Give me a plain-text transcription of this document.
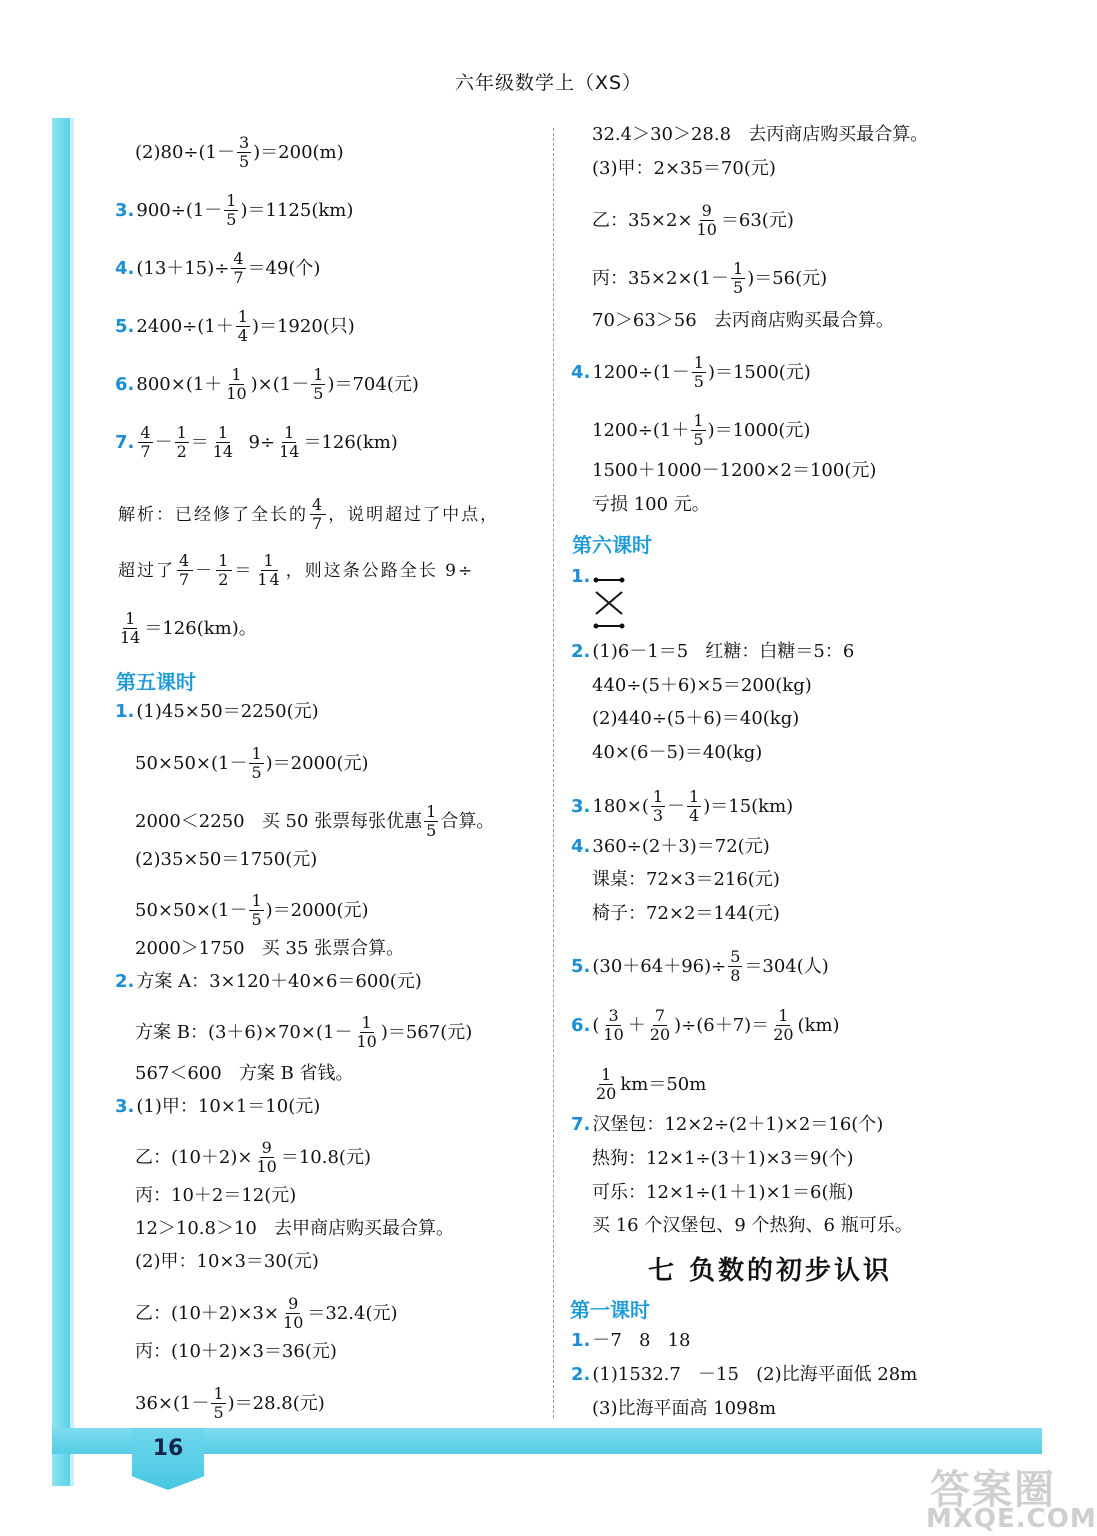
16
六年级数学上（XS）
$(2)80\div(1- \frac{3}{5} )=200(m)$
3. $900\div(1- \frac{1}{5} )=1125(km)$
4. $(13+15)\div \frac{4}{7} =49$(个)
5. $2400\div(1+ \frac{1}{4} )=1920$(只)
6. $800\times(1+ \frac{1}{10} )\times(1- \frac{1}{5} )=704$(元)
7. $\frac{4}{7} - \frac{1}{2} = \frac{1}{14} 9\div \frac{1}{14} =126(km)$
解析：已经修了全长的 $\frac{4}{7}$ ，说明超过了中点，
超过了 $\frac{4}{7} - \frac{1}{2} = \frac{1}{14}$ ，则这条公路全长 9÷
$\frac{1}{14} =126(km)$。
第五课时
1. (1)45×50＝2250(元)
$50\times 50\times(1- \frac{1}{5} )=2000$(元)
2000＜2250   买 50 张票每张优惠 $\frac{1}{5}$ 合算。
(2)35×50＝1750(元)
$50\times 50\times(1- \frac{1}{5} )=2000$(元)
2000＞1750   买 35 张票合算。
2. 方案 A：3×120＋40×6＝600(元)
方案 B：$(3+6)\times 70\times(1- \frac{1}{10} )=567$(元)
567＜600   方案 B 省钱。
3. (1)甲：10×1＝10(元)
乙：$(10+2)\times \frac{9}{10} =10.8$(元)
丙：10＋2＝12(元)
12＞10.8＞10   去甲商店购买最合算。
(2)甲：10×3＝30(元)
乙：$(10+2)\times 3\times \frac{9}{10} =32.4$(元)
丙：(10＋2)×3＝36(元)
$36\times(1- \frac{1}{5} )=28.8$(元)
32.4＞30＞28.8   去丙商店购买最合算。
(3)甲：2×35＝70(元)
乙：$35\times 2\times \frac{9}{10} =63$(元)
丙：$35\times 2\times(1- \frac{1}{5} )=56$(元)
70＞63＞56   去丙商店购买最合算。
4. $1200\div(1- \frac{1}{5} )=1500$(元)
$1200\div(1+ \frac{1}{5} )=1000$(元)
1500＋1000－1200×2＝100(元)
亏损 100 元。
第六课时
1.
2. (1)6－1＝5   红糖：白糖＝5：6
440÷(5＋6)×5＝200(kg)
(2)440÷(5＋6)＝40(kg)
40×(6－5)＝40(kg)
3. $180\times( \frac{1}{3} - \frac{1}{4} )=15(km)$
4. 360÷(2＋3)＝72(元)
课桌：72×3＝216(元)
椅子：72×2＝144(元)
5. $(30+64+96)\div \frac{5}{8} =304$(人)
6. ( $\frac{3}{10} + \frac{7}{20} )\div(6+7)= \frac{1}{20} (km)$
$\frac{1}{20} km=50m$
7. 汉堡包：12×2÷(2＋1)×2＝16(个)
热狗：12×1÷(3＋1)×3＝9(个)
可乐：12×1÷(1＋1)×1＝6(瓶)
买 16 个汉堡包、9 个热狗、6 瓶可乐。
七 负数的初步认识
第一课时
1. －7   8   18
2. (1)1532.7   －15   (2)比海平面低 28m
(3)比海平面高 1098m
答案圈
MXQE.COM
